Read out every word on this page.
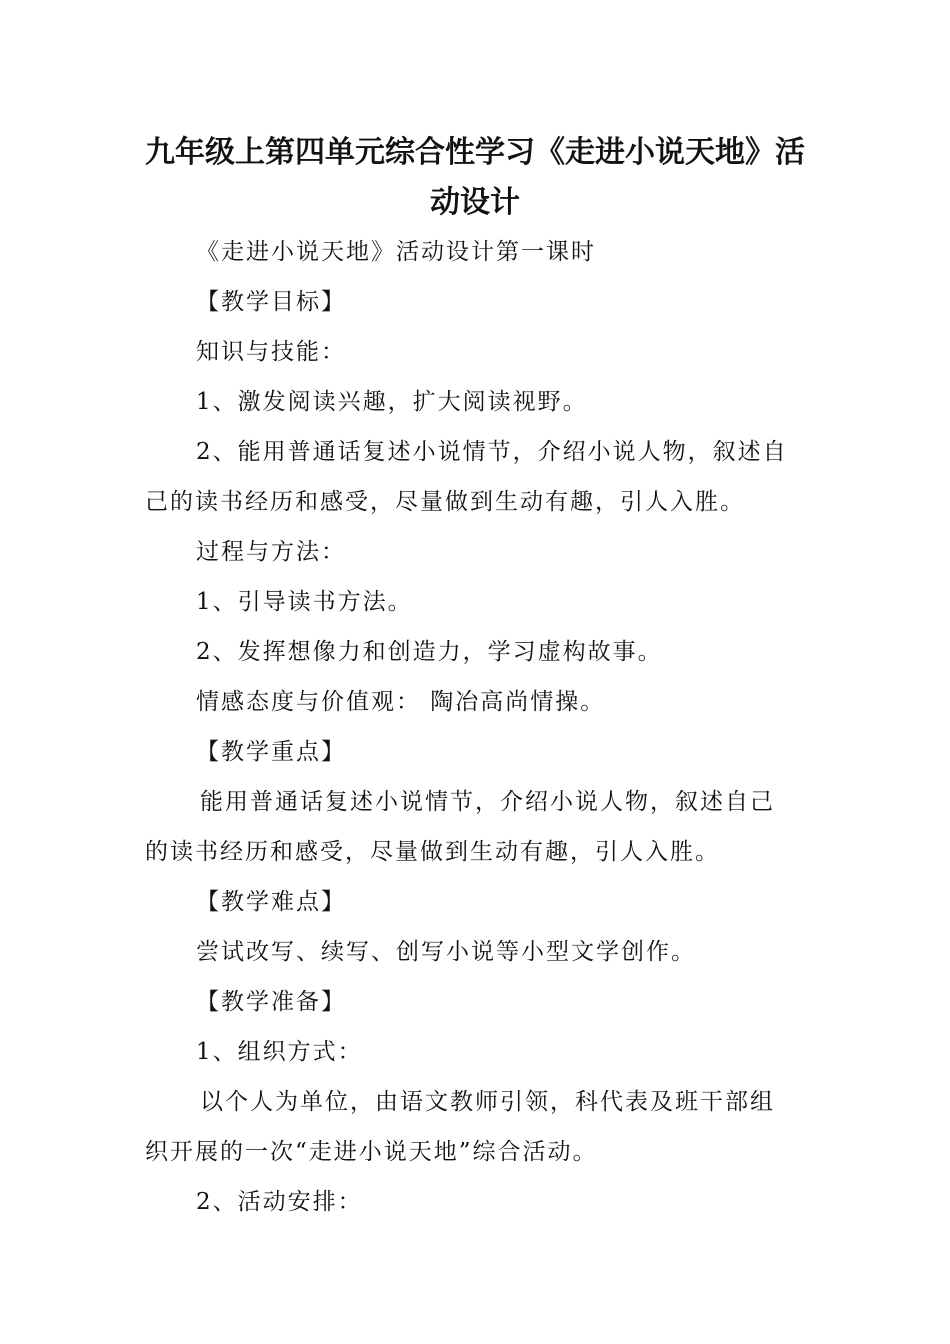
九年级上第四单元综合性学习《走进小说天地》活动设计
《走进小说天地》活动设计第一课时
【教学目标】
知识与技能：
1、激发阅读兴趣，扩大阅读视野。
2、能用普通话复述小说情节，介绍小说人物，叙述自
己的读书经历和感受，尽量做到生动有趣，引人入胜。
过程与方法：
1、引导读书方法。
2、发挥想像力和创造力，学习虚构故事。
情感态度与价值观： 陶冶高尚情操。
【教学重点】
能用普通话复述小说情节，介绍小说人物，叙述自己
的读书经历和感受，尽量做到生动有趣，引人入胜。
【教学难点】
尝试改写、续写、创写小说等小型文学创作。
【教学准备】
1、组织方式：
以个人为单位，由语文教师引领，科代表及班干部组
织开展的一次“走进小说天地”综合活动。
2、活动安排：
